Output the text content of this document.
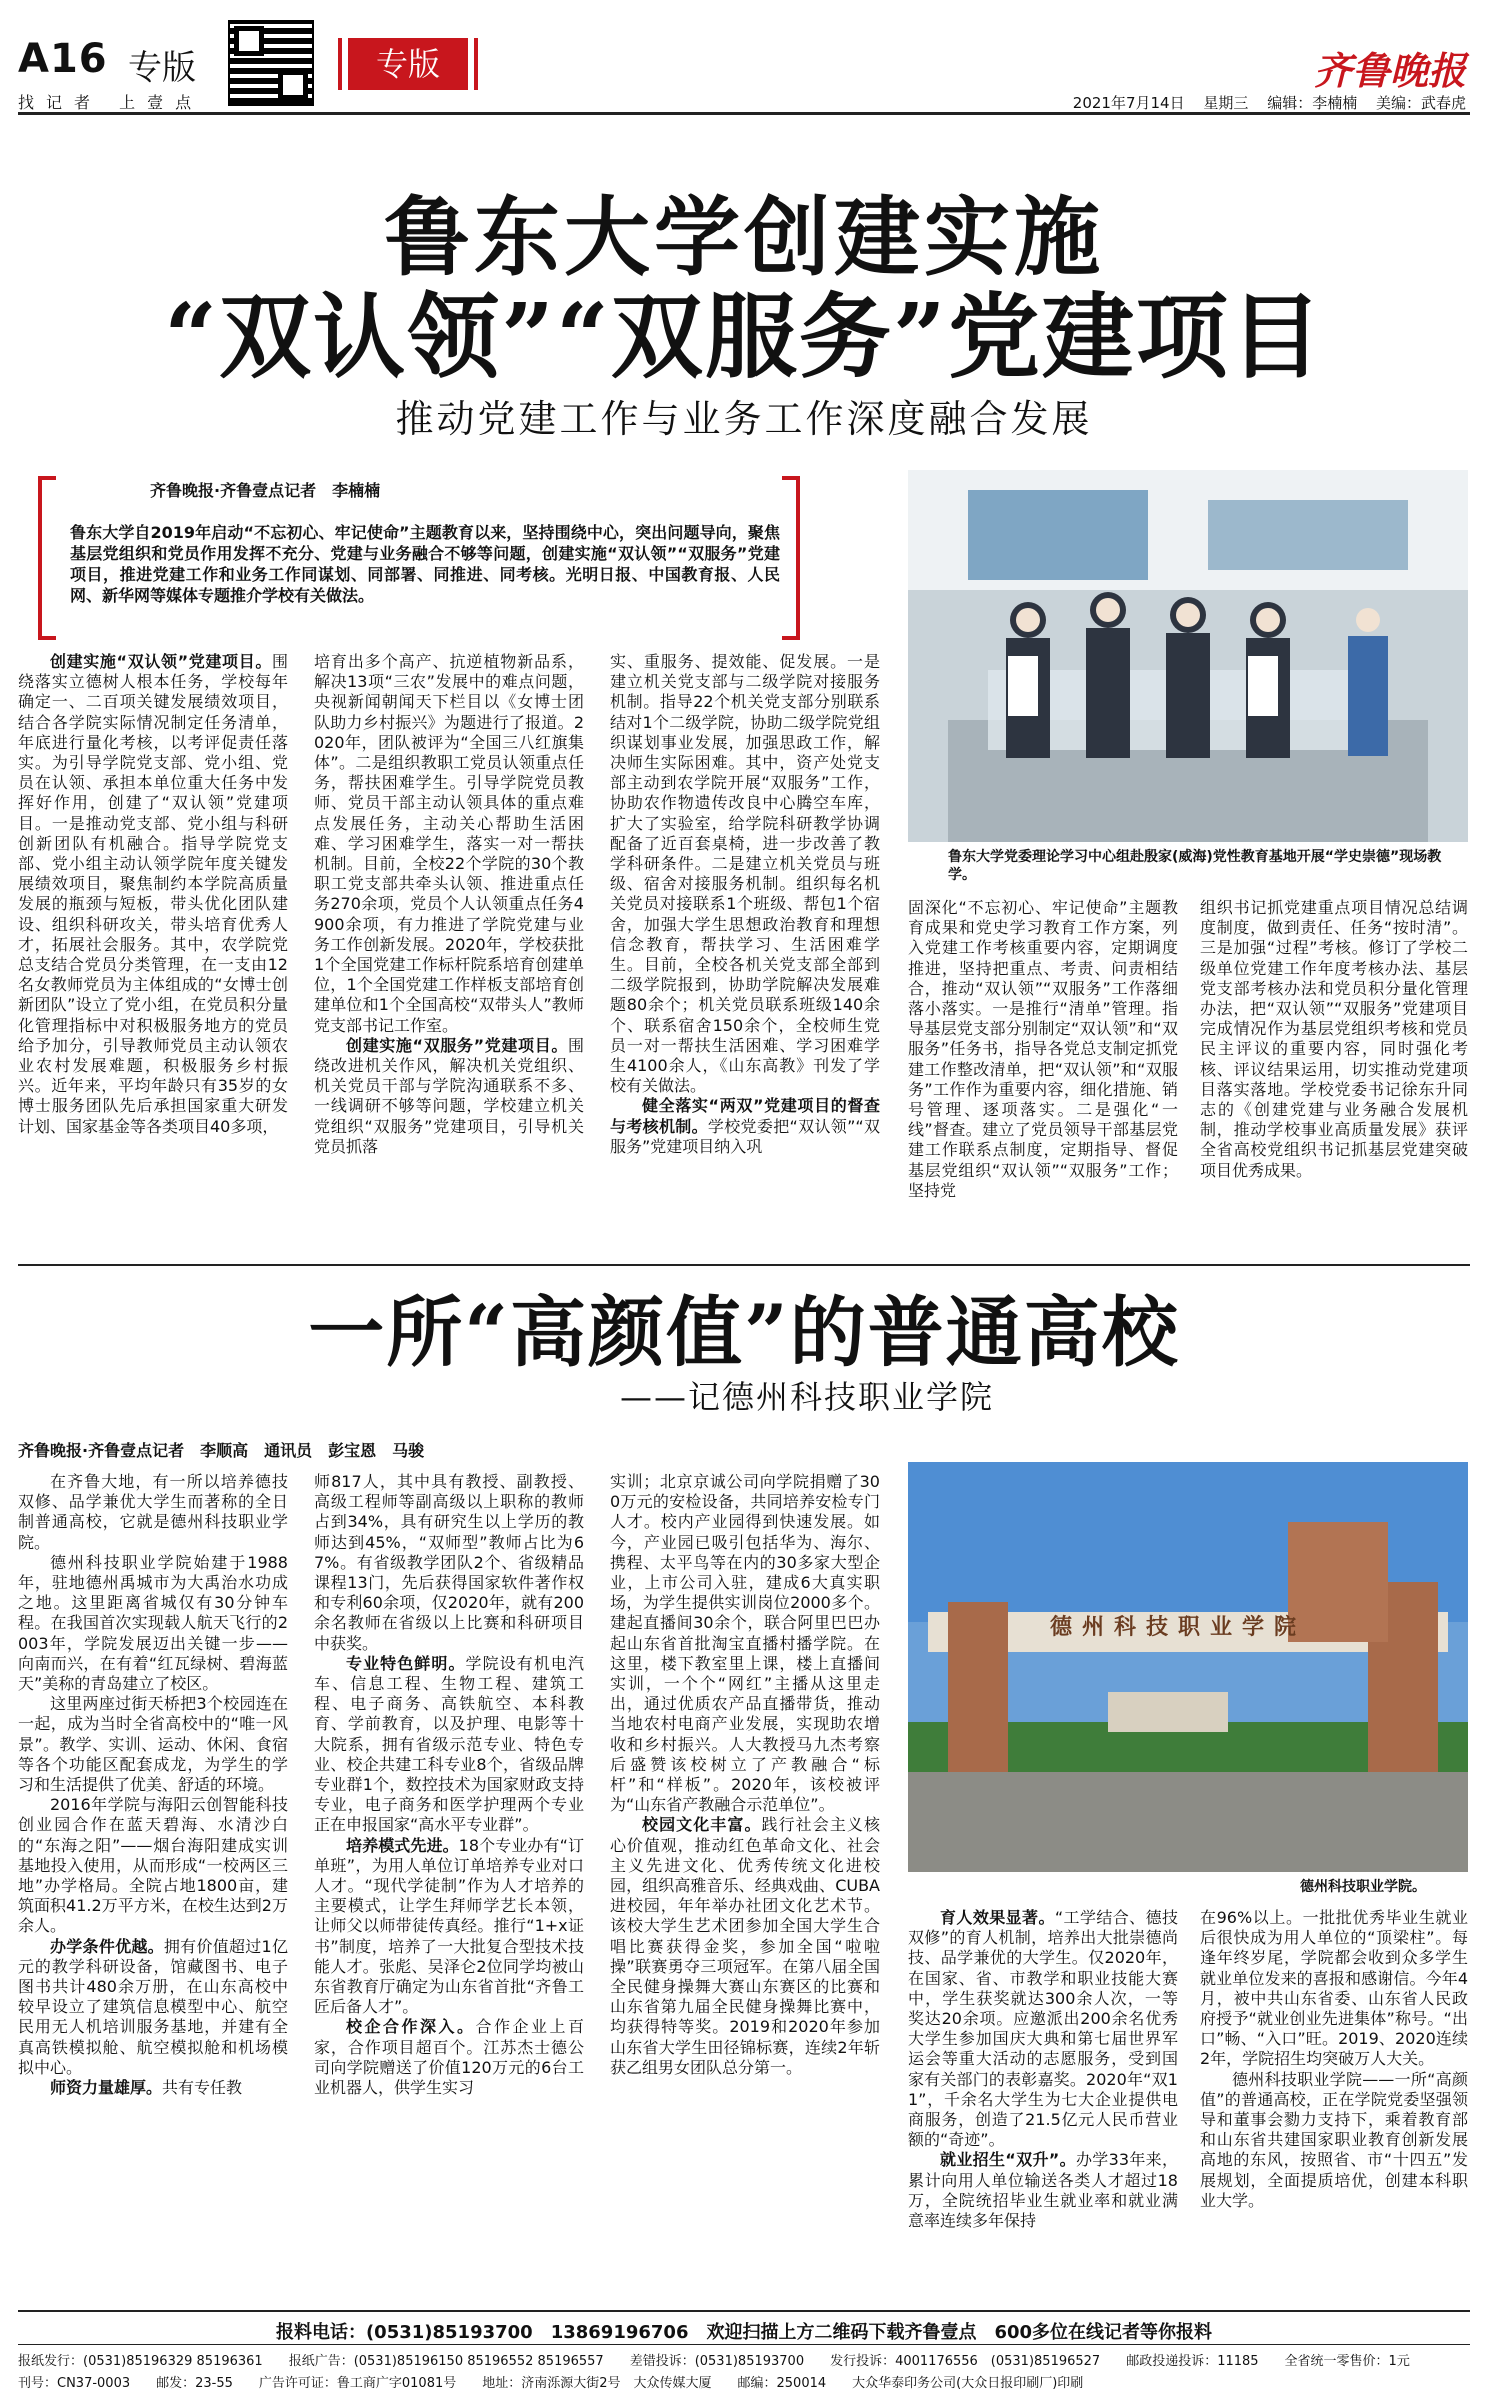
A16 专版
找记者 上壹点
专版	齐鲁晚报
2021年7月14日 星期三 编辑：李楠楠 美编：武春虎
鲁东大学创建实施
“双认领”“双服务”党建项目
推动党建工作与业务工作深度融合发展
齐鲁晚报·齐鲁壹点记者　李楠楠
鲁东大学自2019年启动“不忘初心、牢记使命”主题教育以来，坚持围绕中心，突出问题导向，聚焦基层党组织和党员作用发挥不充分、党建与业务融合不够等问题，创建实施“双认领”“双服务”党建项目，推进党建工作和业务工作同谋划、同部署、同推进、同考核。光明日报、中国教育报、人民网、新华网等媒体专题推介学校有关做法。
鲁东大学党委理论学习中心组赴殷家(威海)党性教育基地开展“学史崇德”现场教学。

创建实施“双认领”党建项目。围绕落实立德树人根本任务，学校每年确定一、二百项关键发展绩效项目，结合各学院实际情况制定任务清单，年底进行量化考核，以考评促责任落实。为引导学院党支部、党小组、党员在认领、承担本单位重大任务中发挥好作用，创建了“双认领”党建项目。一是推动党支部、党小组与科研创新团队有机融合。指导学院党支部、党小组主动认领学院年度关键发展绩效项目，聚焦制约本学院高质量发展的瓶颈与短板，带头优化团队建设、组织科研攻关，带头培育优秀人才，拓展社会服务。其中，农学院党总支结合党员分类管理，在一支由12名女教师党员为主体组成的“女博士创新团队”设立了党小组，在党员积分量化管理指标中对积极服务地方的党员给予加分，引导教师党员主动认领农业农村发展难题，积极服务乡村振兴。近年来，平均年龄只有35岁的女博士服务团队先后承担国家重大研发计划、国家基金等各类项目40多项，

培育出多个高产、抗逆植物新品系，解决13项“三农”发展中的难点问题，央视新闻朝闻天下栏目以《女博士团队助力乡村振兴》为题进行了报道。2020年，团队被评为“全国三八红旗集体”。二是组织教职工党员认领重点任务，帮扶困难学生。引导学院党员教师、党员干部主动认领具体的重点难点发展任务，主动关心帮助生活困难、学习困难学生，落实一对一帮扶机制。目前，全校22个学院的30个教职工党支部共牵头认领、推进重点任务270余项，党员个人认领重点任务4900余项，有力推进了学院党建与业务工作创新发展。2020年，学校获批1个全国党建工作标杆院系培育创建单位，1个全国党建工作样板支部培育创建单位和1个全国高校“双带头人”教师党支部书记工作室。

创建实施“双服务”党建项目。围绕改进机关作风，解决机关党组织、机关党员干部与学院沟通联系不多、一线调研不够等问题，学校建立机关党组织“双服务”党建项目，引导机关党员抓落

实、重服务、提效能、促发展。一是建立机关党支部与二级学院对接服务机制。指导22个机关党支部分别联系结对1个二级学院，协助二级学院党组织谋划事业发展，加强思政工作，解决师生实际困难。其中，资产处党支部主动到农学院开展“双服务”工作，协助农作物遗传改良中心腾空车库，扩大了实验室，给学院科研教学协调配备了近百套桌椅，进一步改善了教学科研条件。二是建立机关党员与班级、宿舍对接服务机制。组织每名机关党员对接联系1个班级、帮包1个宿舍，加强大学生思想政治教育和理想信念教育，帮扶学习、生活困难学生。目前，全校各机关党支部全部到二级学院报到，协助学院解决发展难题80余个；机关党员联系班级140余个、联系宿舍150余个，全校师生党员一对一帮扶生活困难、学习困难学生4100余人，《山东高教》刊发了学校有关做法。

健全落实“两双”党建项目的督查与考核机制。学校党委把“双认领”“双服务”党建项目纳入巩

固深化“不忘初心、牢记使命”主题教育成果和党史学习教育工作方案，列入党建工作考核重要内容，定期调度推进，坚持把重点、考责、问责相结合，推动“双认领”“双服务”工作落细落小落实。一是推行“清单”管理。指导基层党支部分别制定“双认领”和“双服务”任务书，指导各党总支制定抓党建工作整改清单，把“双认领”和“双服务”工作作为重要内容，细化措施、销号管理、逐项落实。二是强化“一线”督查。建立了党员领导干部基层党建工作联系点制度，定期指导、督促基层党组织“双认领”“双服务”工作；坚持党

组织书记抓党建重点项目情况总结调度制度，做到责任、任务“按时清”。三是加强“过程”考核。修订了学校二级单位党建工作年度考核办法、基层党支部考核办法和党员积分量化管理办法，把“双认领”“双服务”党建项目完成情况作为基层党组织考核和党员民主评议的重要内容，同时强化考核、评议结果运用，切实推动党建项目落实落地。学校党委书记徐东升同志的《创建党建与业务融合发展机制，推动学校事业高质量发展》获评全省高校党组织书记抓基层党建突破项目优秀成果。

一所“高颜值”的普通高校
——记德州科技职业学院
齐鲁晚报·齐鲁壹点记者　李顺高　通讯员　彭宝恩　马骏
德州科技职业学院
德州科技职业学院。

在齐鲁大地，有一所以培养德技双修、品学兼优大学生而著称的全日制普通高校，它就是德州科技职业学院。

德州科技职业学院始建于1988年，驻地德州禹城市为大禹治水功成之地。这里距离省城仅有30分钟车程。在我国首次实现载人航天飞行的2003年，学院发展迈出关键一步——向南而兴，在有着“红瓦绿树、碧海蓝天”美称的青岛建立了校区。

这里两座过街天桥把3个校园连在一起，成为当时全省高校中的“唯一风景”。教学、实训、运动、休闲、食宿等各个功能区配套成龙，为学生的学习和生活提供了优美、舒适的环境。

2016年学院与海阳云创智能科技创业园合作在蓝天碧海、水清沙白的“东海之阳”——烟台海阳建成实训基地投入使用，从而形成“一校两区三地”办学格局。全院占地1800亩，建筑面积41.2万平方米，在校生达到2万余人。

办学条件优越。拥有价值超过1亿元的教学科研设备，馆藏图书、电子图书共计480余万册，在山东高校中较早设立了建筑信息模型中心、航空民用无人机培训服务基地，并建有全真高铁模拟舱、航空模拟舱和机场模拟中心。

师资力量雄厚。共有专任教

师817人，其中具有教授、副教授、高级工程师等副高级以上职称的教师占到34%，具有研究生以上学历的教师达到45%，“双师型”教师占比为67%。有省级教学团队2个、省级精品课程13门，先后获得国家软件著作权和专利60余项，仅2020年，就有200余名教师在省级以上比赛和科研项目中获奖。

专业特色鲜明。学院设有机电汽车、信息工程、生物工程、建筑工程、电子商务、高铁航空、本科教育、学前教育，以及护理、电影等十大院系，拥有省级示范专业、特色专业、校企共建工科专业8个，省级品牌专业群1个，数控技术为国家财政支持专业，电子商务和医学护理两个专业正在申报国家“高水平专业群”。

培养模式先进。18个专业办有“订单班”，为用人单位订单培养专业对口人才。“现代学徒制”作为人才培养的主要模式，让学生拜师学艺长本领，让师父以师带徒传真经。推行“1+x证书”制度，培养了一大批复合型技术技能人才。张彪、吴泽仑2位同学均被山东省教育厅确定为山东省首批“齐鲁工匠后备人才”。

校企合作深入。合作企业上百家，合作项目超百个。江苏杰士德公司向学院赠送了价值120万元的6台工业机器人，供学生实习

实训；北京京诚公司向学院捐赠了300万元的安检设备，共同培养安检专门人才。校内产业园得到快速发展。如今，产业园已吸引包括华为、海尔、携程、太平鸟等在内的30多家大型企业，上市公司入驻，建成6大真实职场，为学生提供实训岗位2000多个。建起直播间30余个，联合阿里巴巴办起山东省首批淘宝直播村播学院。在这里，楼下教室里上课，楼上直播间实训，一个个“网红”主播从这里走出，通过优质农产品直播带货，推动当地农村电商产业发展，实现助农增收和乡村振兴。人大教授马九杰考察后盛赞该校树立了产教融合“标杆”和“样板”。2020年，该校被评为“山东省产教融合示范单位”。

校园文化丰富。践行社会主义核心价值观，推动红色革命文化、社会主义先进文化、优秀传统文化进校园，组织高雅音乐、经典戏曲、CUBA进校园，年年举办社团文化艺术节。该校大学生艺术团参加全国大学生合唱比赛获得金奖，参加全国“啦啦操”联赛勇夺三项冠军。在第八届全国全民健身操舞大赛山东赛区的比赛和山东省第九届全民健身操舞比赛中，均获得特等奖。2019和2020年参加山东省大学生田径锦标赛，连续2年斩获乙组男女团队总分第一。

育人效果显著。“工学结合、德技双修”的育人机制，培养出大批崇德尚技、品学兼优的大学生。仅2020年，在国家、省、市教学和职业技能大赛中，学生获奖就达300余人次，一等奖达20余项。应邀派出200余名优秀大学生参加国庆大典和第七届世界军运会等重大活动的志愿服务，受到国家有关部门的表彰嘉奖。2020年“双11”，千余名大学生为七大企业提供电商服务，创造了21.5亿元人民币营业额的“奇迹”。

就业招生“双升”。办学33年来，累计向用人单位输送各类人才超过18万，全院统招毕业生就业率和就业满意率连续多年保持

在96%以上。一批批优秀毕业生就业后很快成为用人单位的“顶梁柱”。每逢年终岁尾，学院都会收到众多学生就业单位发来的喜报和感谢信。今年4月，被中共山东省委、山东省人民政府授予“就业创业先进集体”称号。“出口”畅、“入口”旺。2019、2020连续2年，学院招生均突破万人大关。

德州科技职业学院——一所“高颜值”的普通高校，正在学院党委坚强领导和董事会勠力支持下，乘着教育部和山东省共建国家职业教育创新发展高地的东风，按照省、市“十四五”发展规划，全面提质培优，创建本科职业大学。

报料电话：(0531)85193700　13869196706　欢迎扫描上方二维码下载齐鲁壹点　600多位在线记者等你报料
报纸发行：(0531)85196329 85196361　　报纸广告：(0531)85196150 85196552 85196557　　差错投诉：(0531)85193700　　发行投诉：4001176556　(0531)85196527　　邮政投递投诉：11185　　全省统一零售价：1元
刊号：CN37-0003　　邮发：23-55　　广告许可证：鲁工商广字01081号　　地址：济南泺源大街2号　大众传媒大厦　　邮编：250014　　大众华泰印务公司(大众日报印刷厂)印刷
